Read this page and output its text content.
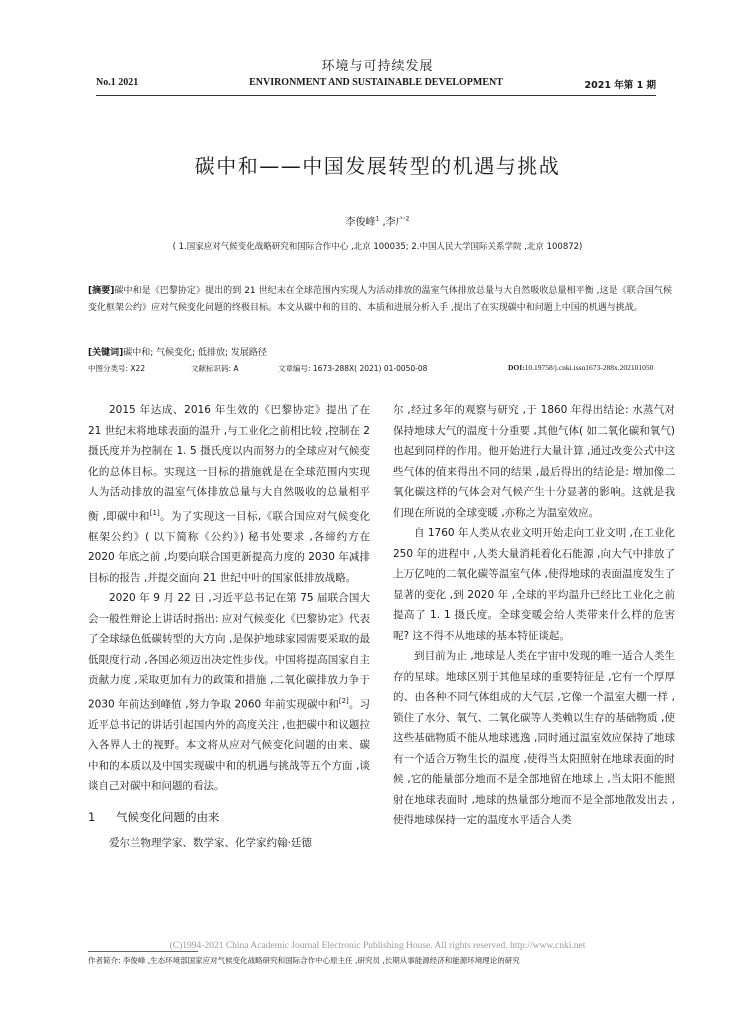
环境与可持续发展
No.1 2021	ENVIRONMENT AND SUSTAINABLE DEVELOPMENT	2021 年第 1 期
碳中和——中国发展转型的机遇与挑战
李俊峰$^1$ ,李广$^2$
( 1.国家应对气候变化战略研究和国际合作中心 ,北京 100035; 2.中国人民大学国际关系学院 ,北京 100872)
[摘要]碳中和是《巴黎协定》提出的到 21 世纪末在全球范围内实现人为活动排放的温室气体排放总量与大自然吸收总量相平衡 ,这是《联合国气候变化框架公约》应对气候变化问题的终极目标。本文从碳中和的目的、本质和进展分析入手 ,提出了在实现碳中和问题上中国的机遇与挑战。
[关键词]碳中和; 气候变化; 低排放; 发展路径
中图分类号: X22	文献标识码: A	文章编号: 1673-288X( 2021) 01-0050-08	DOI: 10.19758/j.cnki.issn1673-288x.202101050

2015 年达成、2016 年生效的《巴黎协定》提出了在 21 世纪末将地球表面的温升 ,与工业化之前相比较 ,控制在 2 摄氏度并为控制在 1. 5 摄氏度以内而努力的全球应对气候变化的总体目标。实现这一目标的措施就是在全球范围内实现人为活动排放的温室气体排放总量与大自然吸收的总量相平衡 ,即碳中和[1]。为了实现这一目标,《联合国应对气候变化框架公约》( 以下简称《公约》) 秘书处要求 ,各缔约方在 2020 年底之前 ,均要向联合国更新提高力度的 2030 年减排目标的报告 ,并提交面向 21 世纪中叶的国家低排放战略。

2020 年 9 月 22 日 ,习近平总书记在第 75 届联合国大会一般性辩论上讲话时指出: 应对气候变化《巴黎协定》代表了全球绿色低碳转型的大方向 ,是保护地球家园需要采取的最低限度行动 ,各国必须迈出决定性步伐。中国将提高国家自主贡献力度 ,采取更加有力的政策和措施 ,二氧化碳排放力争于 2030 年前达到峰值 ,努力争取 2060 年前实现碳中和[2]。习近平总书记的讲话引起国内外的高度关注 ,也把碳中和议题拉入各界人士的视野。本文将从应对气候变化问题的由来、碳中和的本质以及中国实现碳中和的机遇与挑战等五个方面 ,谈谈自己对碳中和问题的看法。

1 气候变化问题的由来

爱尔兰物理学家、数学家、化学家约翰·廷德

尔 ,经过多年的观察与研究 ,于 1860 年得出结论: 水蒸气对保持地球大气的温度十分重要 ,其他气体( 如二氧化碳和氧气) 也起到同样的作用。他开始进行大量计算 ,通过改变公式中这些气体的值来得出不同的结果 ,最后得出的结论是: 增加像二氧化碳这样的气体会对气候产生十分显著的影响。这就是我们现在所说的全球变暖 ,亦称之为温室效应。

自 1760 年人类从农业文明开始走向工业文明 ,在工业化 250 年的进程中 ,人类大量消耗着化石能源 ,向大气中排放了上万亿吨的二氧化碳等温室气体 ,使得地球的表面温度发生了显著的变化 ,到 2020 年 ,全球的平均温升已经比工业化之前提高了 1. 1 摄氏度。全球变暖会给人类带来什么样的危害呢? 这不得不从地球的基本特征谈起。

到目前为止 ,地球是人类在宇宙中发现的唯一适合人类生存的星球。地球区别于其他星球的重要特征是 ,它有一个厚厚的、由各种不同气体组成的大气层 ,它像一个温室大棚一样 ,锁住了水分、氧气、二氧化碳等人类赖以生存的基础物质 ,使这些基础物质不能从地球逃逸 ,同时通过温室效应保持了地球有一个适合万物生长的温度 ,使得当太阳照射在地球表面的时候 ,它的能量部分地而不是全部地留在地球上 ,当太阳不能照射在地球表面时 ,地球的热量部分地而不是全部地散发出去 ,使得地球保持一定的温度水平适合人类

(C)1994-2021 China Academic Journal Electronic Publishing House. All rights reserved. http://www.cnki.net
作者简介: 李俊峰 ,生态环境部国家应对气候变化战略研究和国际合作中心原主任 ,研究员 ,长期从事能源经济和能源环境理论的研究
